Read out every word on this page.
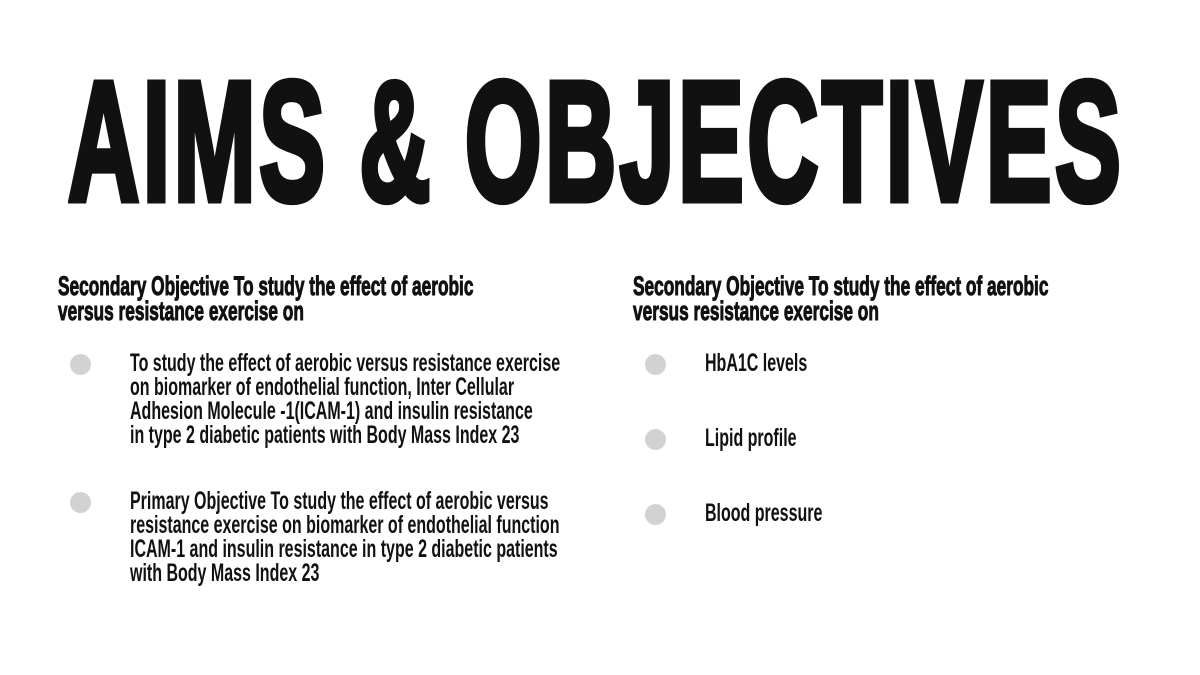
AIMS & OBJECTIVES
Secondary Objective To study the effect of aerobic
versus resistance exercise on
To study the effect of aerobic versus resistance exercise
on biomarker of endothelial function, Inter Cellular
Adhesion Molecule -1(ICAM-1) and insulin resistance
in type 2 diabetic patients with Body Mass Index 23
Primary Objective To study the effect of aerobic versus
resistance exercise on biomarker of endothelial function
ICAM-1 and insulin resistance in type 2 diabetic patients
with Body Mass Index 23
Secondary Objective To study the effect of aerobic
versus resistance exercise on
HbA1C levels
Lipid profile
Blood pressure
